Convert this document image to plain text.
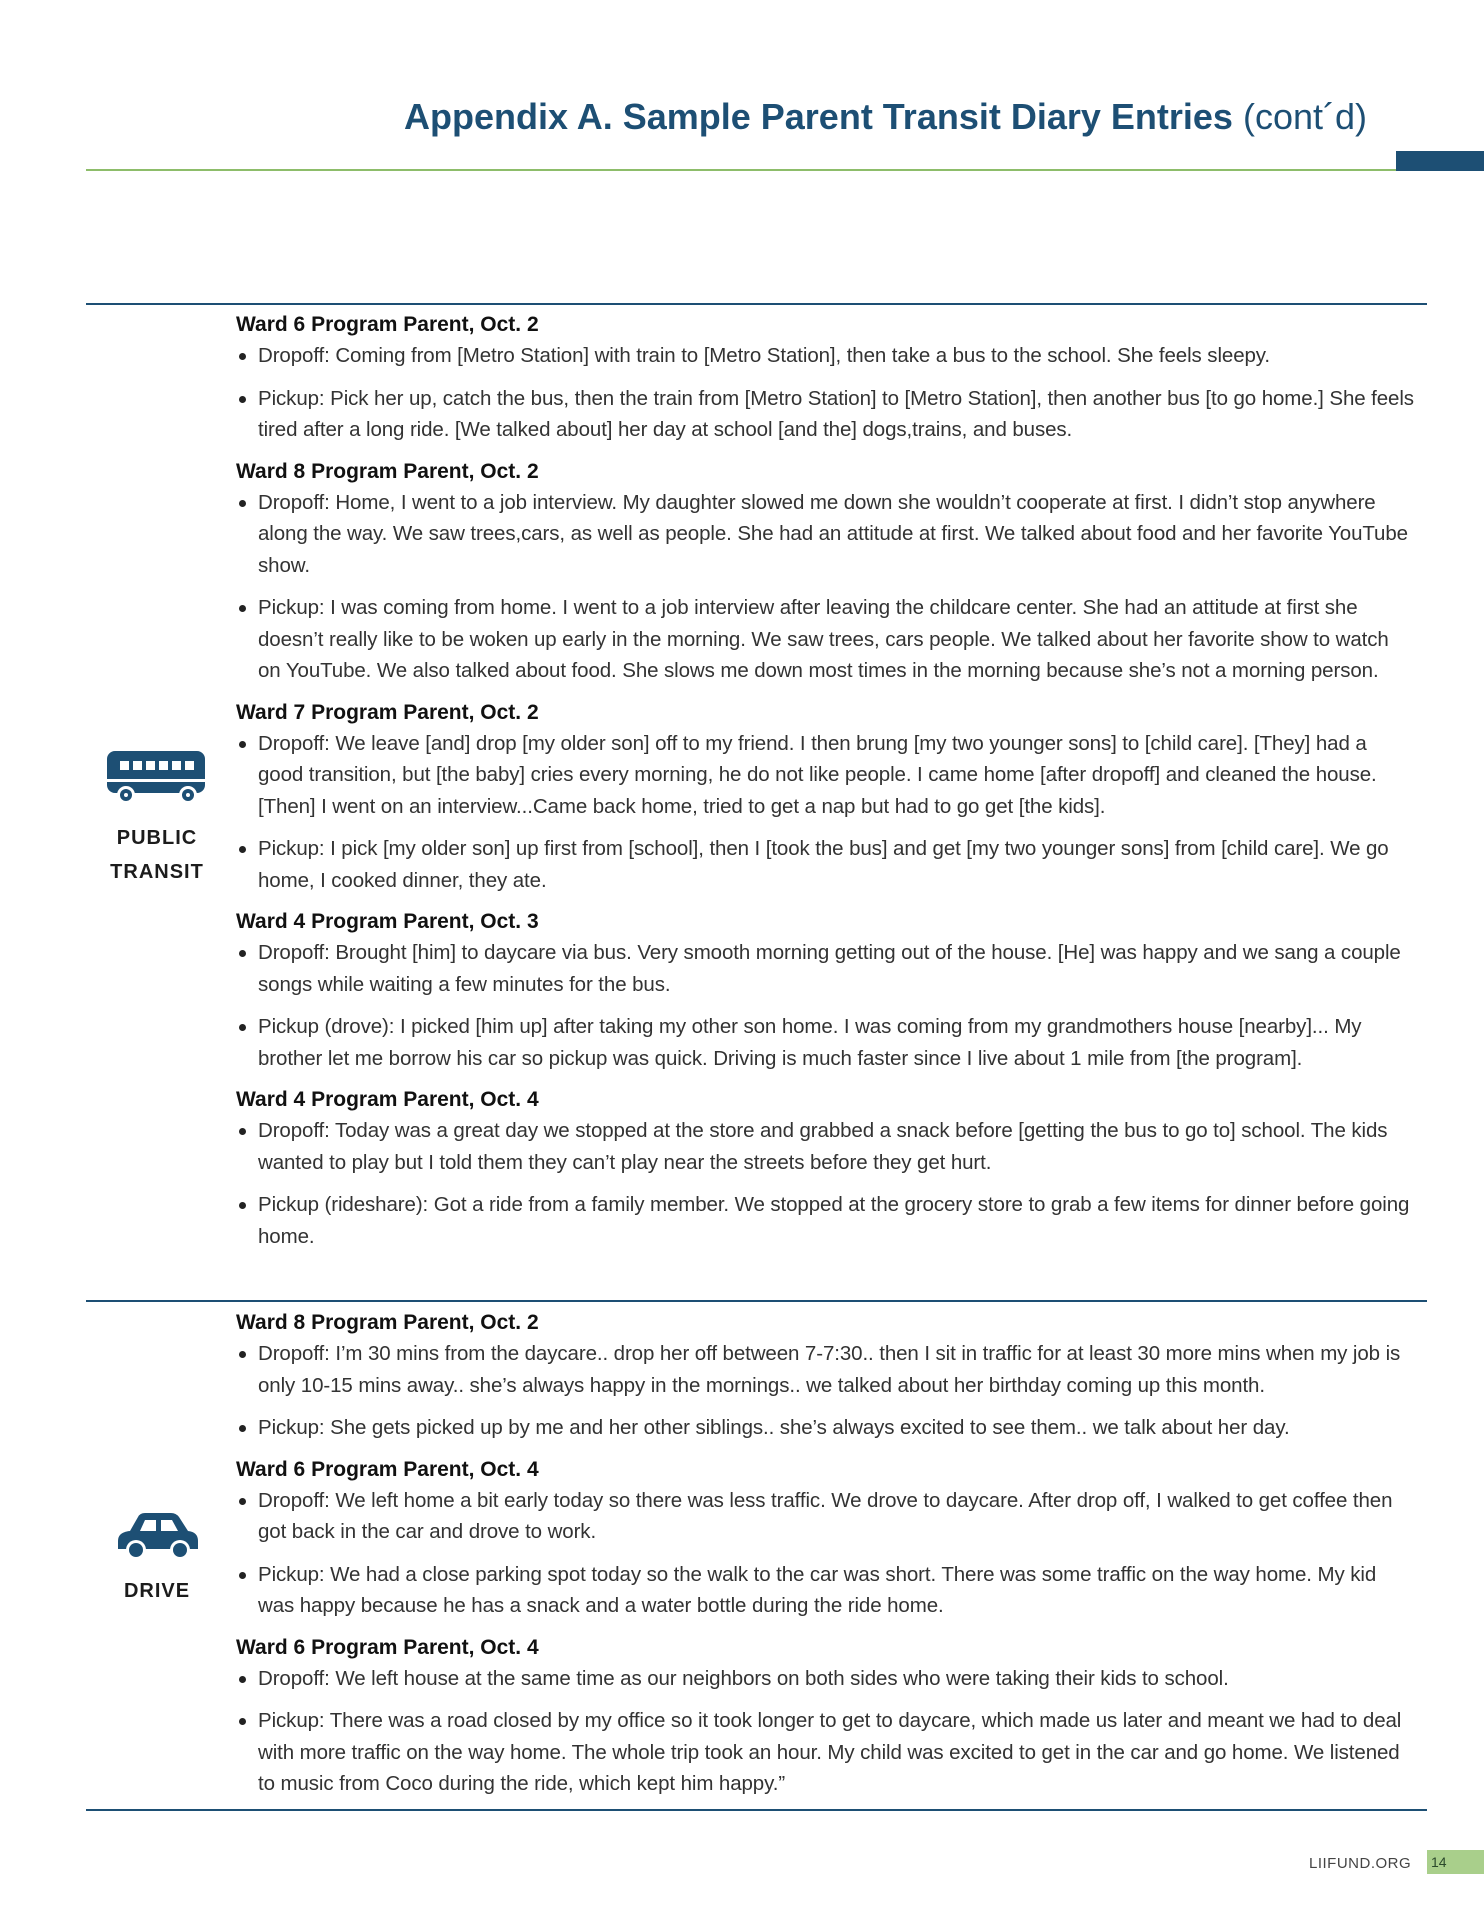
Appendix A. Sample Parent Transit Diary Entries (cont´d)
PUBLIC
TRANSIT
DRIVE

Ward 6 Program Parent, Oct. 2

Dropoff: Coming from [Metro Station] with train to [Metro Station], then take a bus to the school. She feels sleepy.
Pickup: Pick her up, catch the bus, then the train from [Metro Station] to [Metro Station], then another bus [to go home.] She feels tired after a long ride. [We talked about] her day at school [and the] dogs,trains, and buses.

Ward 8 Program Parent, Oct. 2

Dropoff: Home, I went to a job interview. My daughter slowed me down she wouldn’t cooperate at first. I didn’t stop anywhere along the way. We saw trees,cars, as well as people. She had an attitude at first. We talked about food and her favorite YouTube show.
Pickup: I was coming from home. I went to a job interview after leaving the childcare center. She had an attitude at first she doesn’t really like to be woken up early in the morning. We saw trees, cars people. We talked about her favorite show to watch on YouTube. We also talked about food. She slows me down most times in the morning because she’s not a morning person.

Ward 7 Program Parent, Oct. 2

Dropoff: We leave [and] drop [my older son] off to my friend. I then brung [my two younger sons] to [child care]. [They] had a good transition, but [the baby] cries every morning, he do not like people. I came home [after dropoff] and cleaned the house. [Then] I went on an interview...Came back home, tried to get a nap but had to go get [the kids].
Pickup: I pick [my older son] up first from [school], then I [took the bus] and get [my two younger sons] from [child care]. We go home, I cooked dinner, they ate.

Ward 4 Program Parent, Oct. 3

Dropoff: Brought [him] to daycare via bus. Very smooth morning getting out of the house. [He] was happy and we sang a couple songs while waiting a few minutes for the bus.
Pickup (drove): I picked [him up] after taking my other son home. I was coming from my grandmothers house [nearby]... My brother let me borrow his car so pickup was quick. Driving is much faster since I live about 1 mile from [the program].

Ward 4 Program Parent, Oct. 4

Dropoff: Today was a great day we stopped at the store and grabbed a snack before [getting the bus to go to] school. The kids wanted to play but I told them they can’t play near the streets before they get hurt.
Pickup (rideshare): Got a ride from a family member. We stopped at the grocery store to grab a few items for dinner before going home.

Ward 8 Program Parent, Oct. 2

Dropoff: I’m 30 mins from the daycare.. drop her off between 7-7:30.. then I sit in traffic for at least 30 more mins when my job is only 10-15 mins away.. she’s always happy in the mornings.. we talked about her birthday coming up this month.
Pickup: She gets picked up by me and her other siblings.. she’s always excited to see them.. we talk about her day.

Ward 6 Program Parent, Oct. 4

Dropoff: We left home a bit early today so there was less traffic. We drove to daycare. After drop off, I walked to get coffee then got back in the car and drove to work.
Pickup: We had a close parking spot today so the walk to the car was short. There was some traffic on the way home. My kid was happy because he has a snack and a water bottle during the ride home.

Ward 6 Program Parent, Oct. 4

Dropoff: We left house at the same time as our neighbors on both sides who were taking their kids to school.
Pickup: There was a road closed by my office so it took longer to get to daycare, which made us later and meant we had to deal with more traffic on the way home. The whole trip took an hour. My child was excited to get in the car and go home. We listened to music from Coco during the ride, which kept him happy.”
LIIFUND.ORG 14
